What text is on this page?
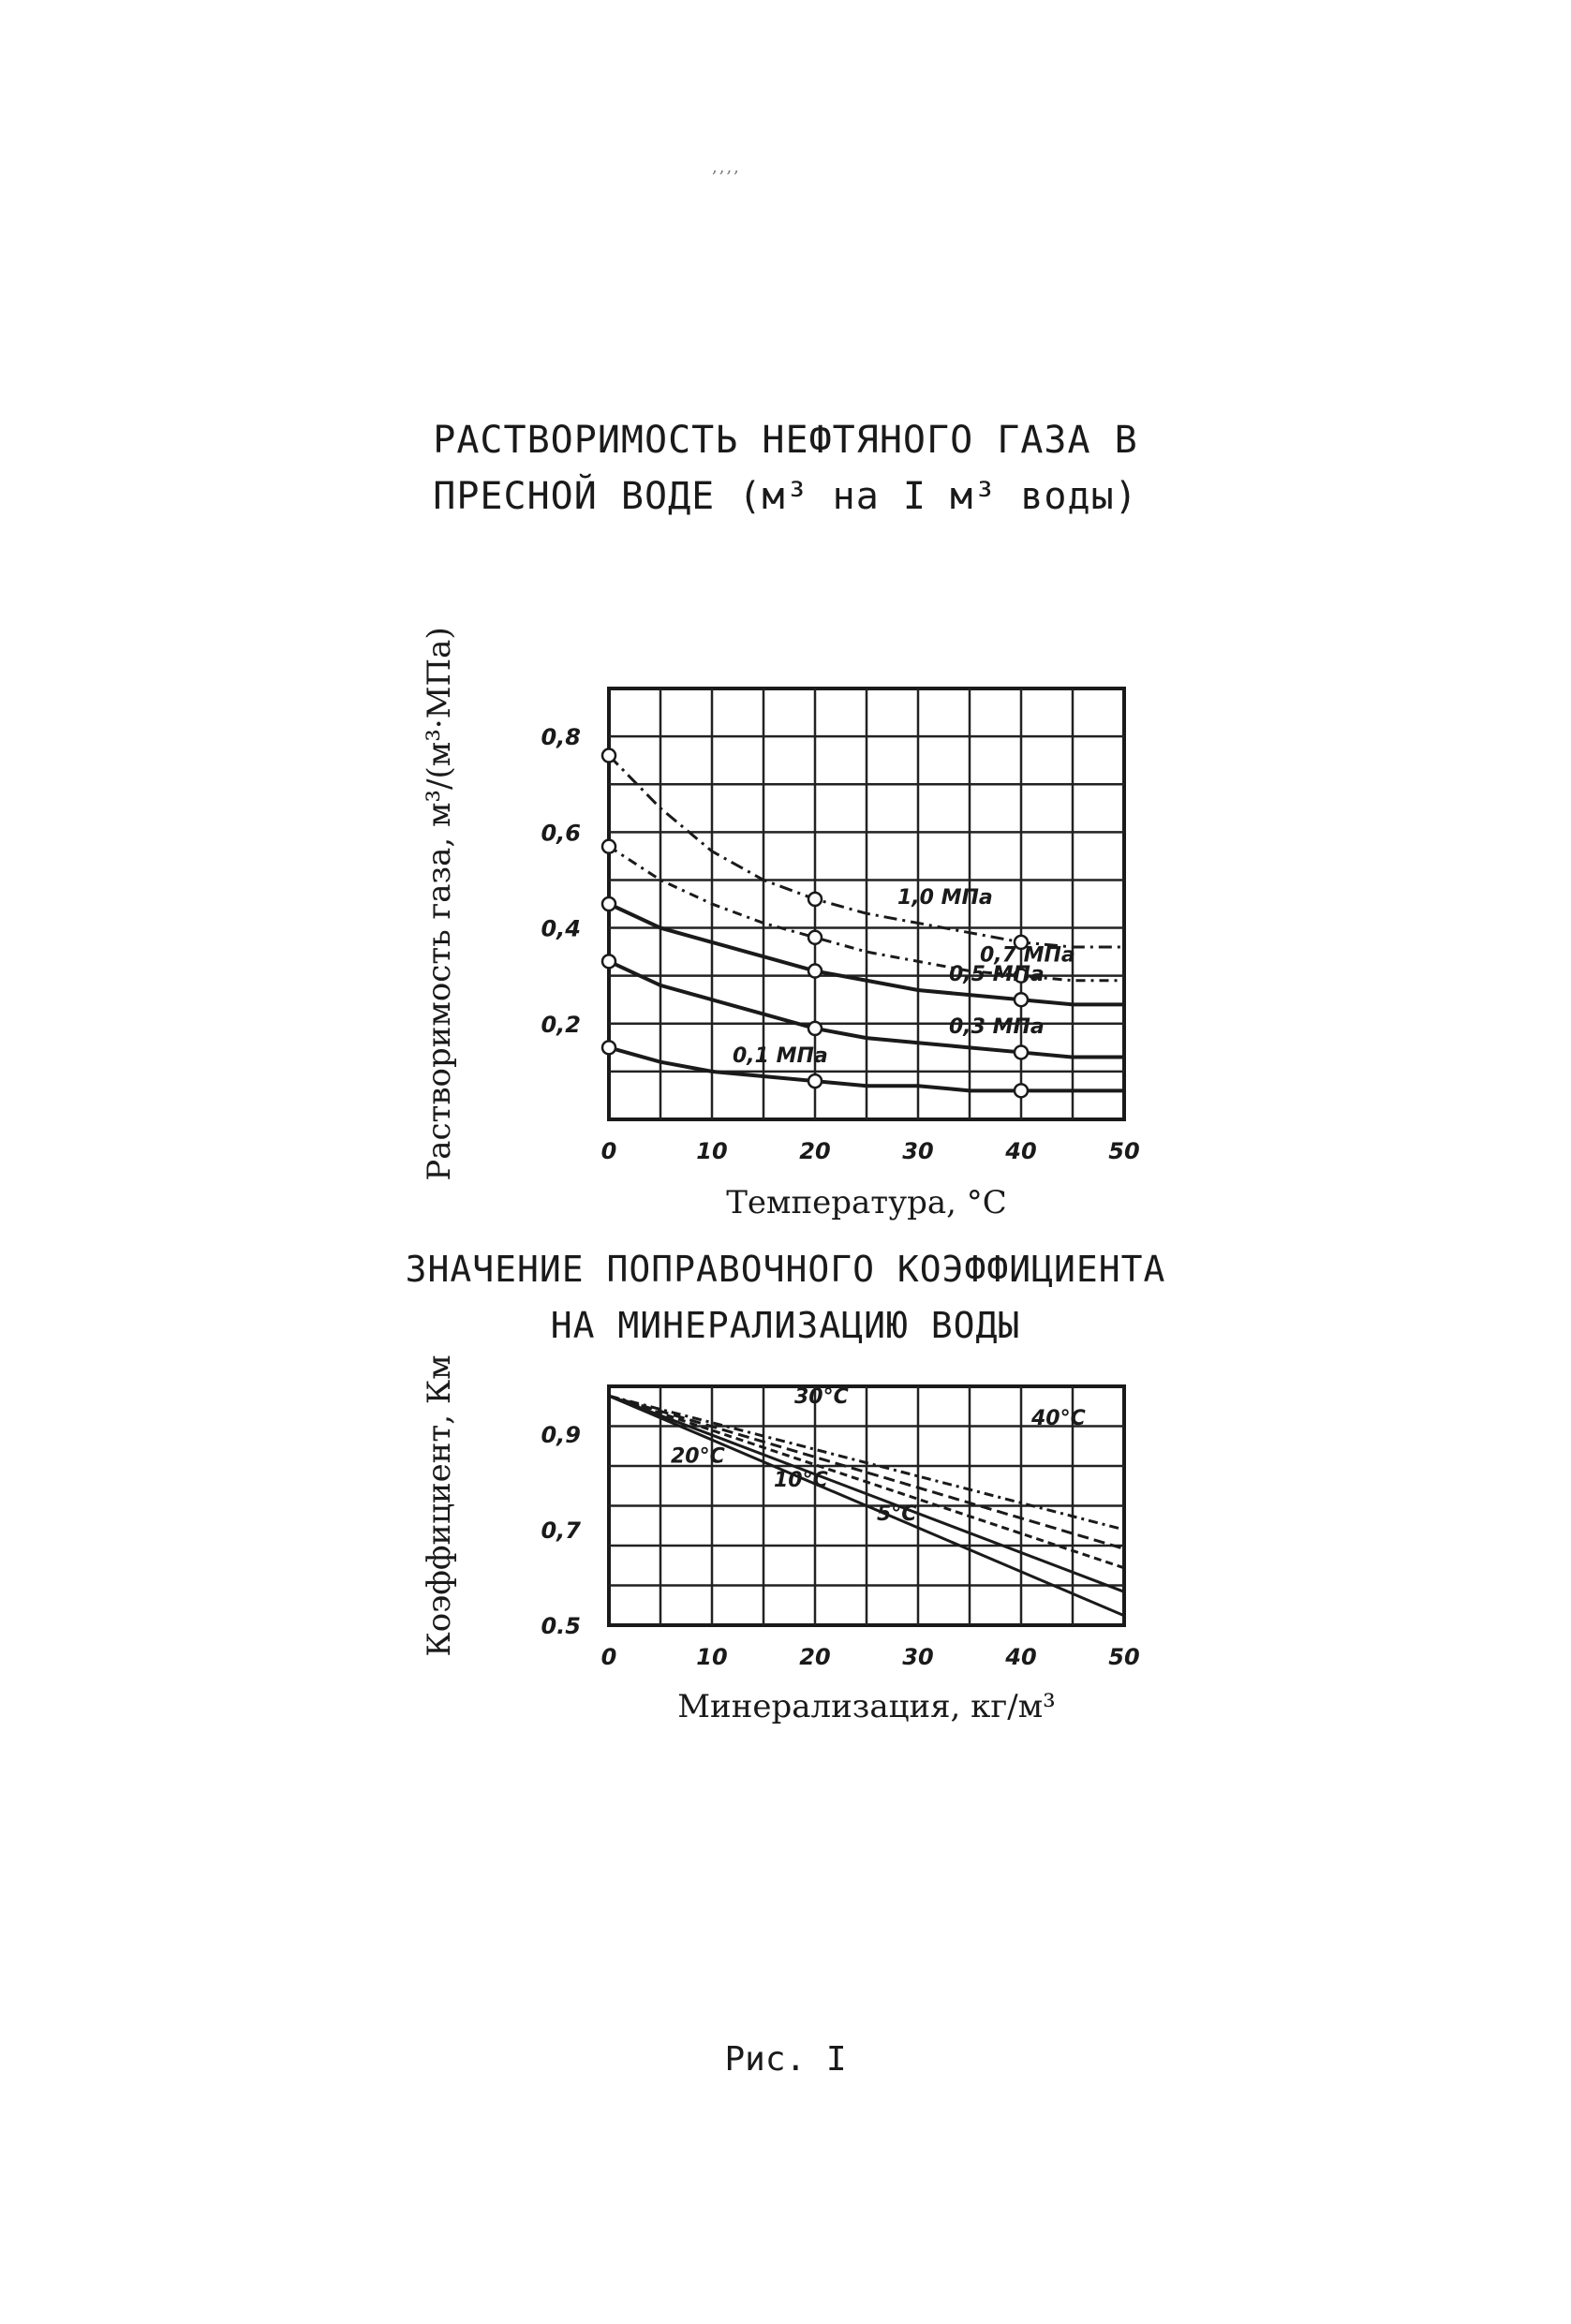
,,,,
РАСТВОРИМОСТЬ НЕФТЯНОГО ГАЗА В
ПРЕСНОЙ ВОДЕ (м³ на I м³ воды)
0	10	20	30	40	50
0,8
0,6
0,4
0,2
Температура, °С
Растворимость газа, м³/(м³·МПа)	1,0 МПа
0,7 МПа
0,5 МПа
0,3 МПа
0,1 МПа
ЗНАЧЕНИЕ ПОПРАВОЧНОГО КОЭФФИЦИЕНТА
НА МИНЕРАЛИЗАЦИЮ ВОДЫ
0	10	20	30	40	50
0,9
0,7
0.5
Минерализация, кг/м³
Коэффициент, Км	40°С
30°С
20°С
10°С
5°С
Рис. I
